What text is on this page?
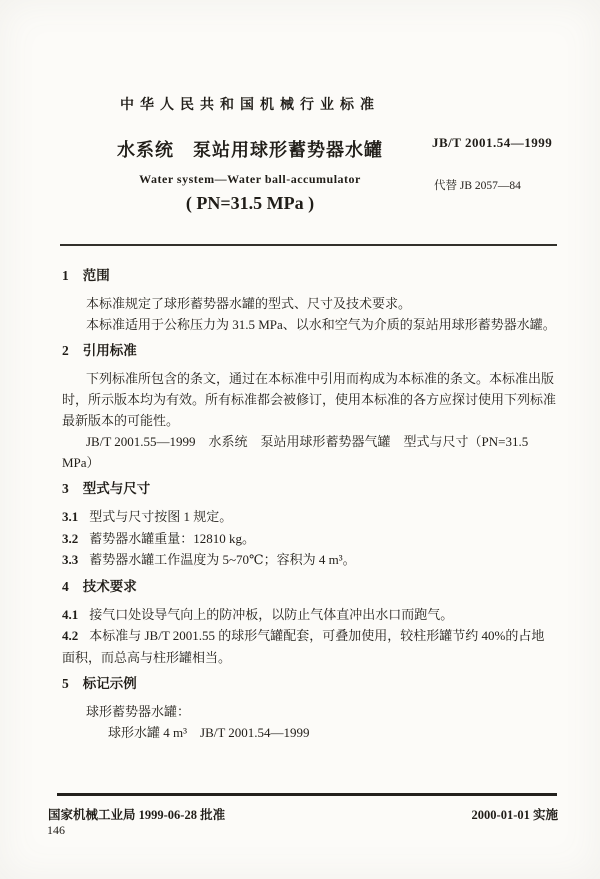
中华人民共和国机械行业标准
水系统　泵站用球形蓄势器水罐
Water system—Water ball-accumulator
( PN=31.5 MPa )
JB/T 2001.54—1999
代替 JB 2057—84
1 范围

本标准规定了球形蓄势器水罐的型式、尺寸及技术要求。

本标准适用于公称压力为 31.5 MPa、以水和空气为介质的泵站用球形蓄势器水罐。

2 引用标准

下列标准所包含的条文，通过在本标准中引用而构成为本标准的条文。本标准出版时，所示版本均为有效。所有标准都会被修订，使用本标准的各方应探讨使用下列标准最新版本的可能性。

JB/T 2001.55—1999　水系统　泵站用球形蓄势器气罐　型式与尺寸（PN=31.5 MPa）

3 型式与尺寸

3.1 型式与尺寸按图 1 规定。

3.2 蓄势器水罐重量：12810 kg。

3.3 蓄势器水罐工作温度为 5~70℃；容积为 4 m³。

4 技术要求

4.1 接气口处设导气向上的防冲板，以防止气体直冲出水口而跑气。

4.2 本标准与 JB/T 2001.55 的球形气罐配套，可叠加使用，较柱形罐节约 40%的占地面积，而总高与柱形罐相当。

5 标记示例

球形蓄势器水罐：

球形水罐 4 m³　JB/T 2001.54—1999

国家机械工业局 1999-06-28 批准	2000-01-01 实施
146
